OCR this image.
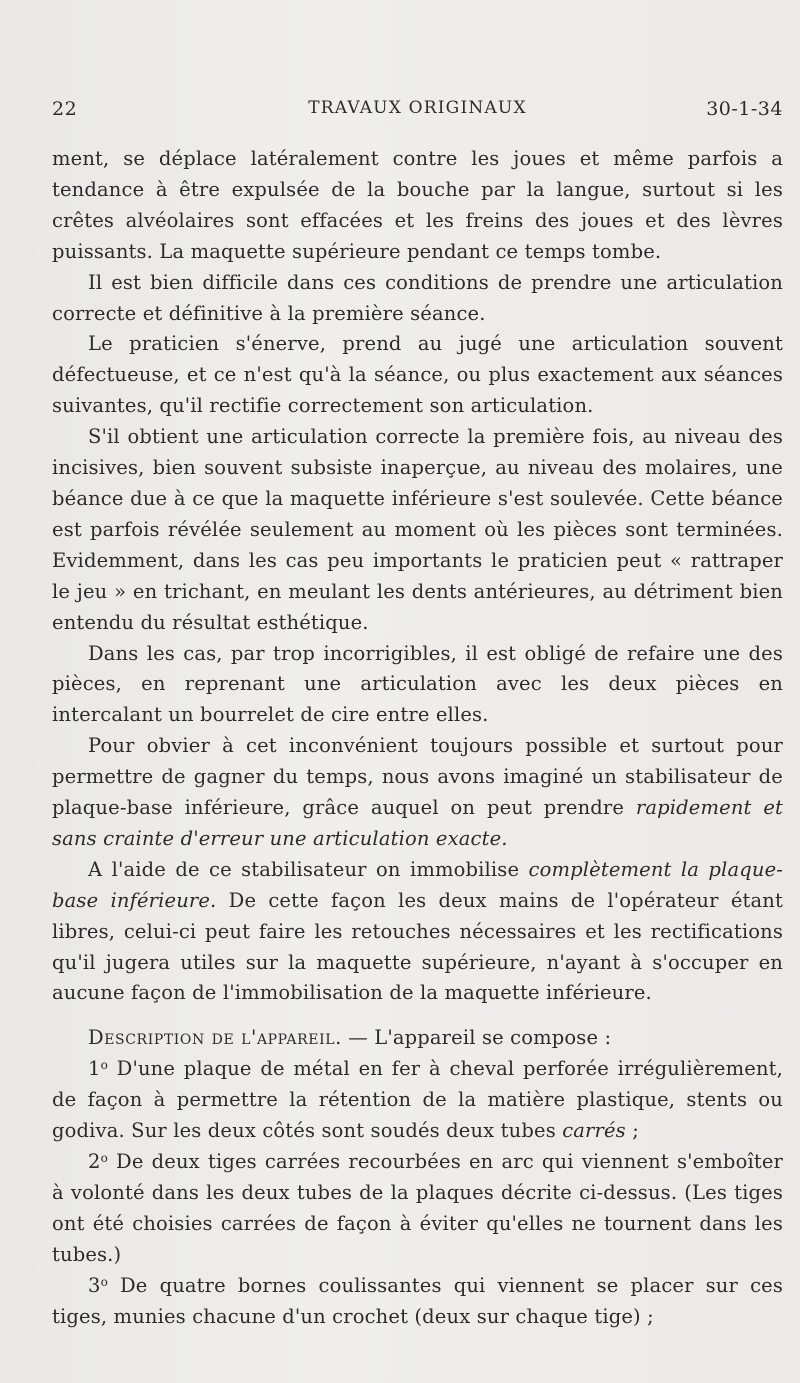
22	TRAVAUX ORIGINAUX	30-1-34

ment, se déplace latéralement contre les joues et même parfois a tendance à être expulsée de la bouche par la langue, surtout si les crêtes alvéolaires sont effacées et les freins des joues et des lèvres puissants. La maquette supérieure pendant ce temps tombe.

Il est bien difficile dans ces conditions de prendre une articulation correcte et définitive à la première séance.

Le praticien s'énerve, prend au jugé une articulation souvent défectueuse, et ce n'est qu'à la séance, ou plus exactement aux séances suivantes, qu'il rectifie correctement son articulation.

S'il obtient une articulation correcte la première fois, au niveau des incisives, bien souvent subsiste inaperçue, au niveau des molaires, une béance due à ce que la maquette inférieure s'est soulevée. Cette béance est parfois révélée seulement au moment où les pièces sont terminées. Evidemment, dans les cas peu importants le praticien peut « rattraper le jeu » en trichant, en meulant les dents antérieures, au détriment bien entendu du résultat esthétique.

Dans les cas, par trop incorrigibles, il est obligé de refaire une des pièces, en reprenant une articulation avec les deux pièces en intercalant un bourrelet de cire entre elles.

Pour obvier à cet inconvénient toujours possible et surtout pour permettre de gagner du temps, nous avons imaginé un stabilisateur de plaque-base inférieure, grâce auquel on peut prendre rapidement et sans crainte d'erreur une articulation exacte.

A l'aide de ce stabilisateur on immobilise complètement la plaque-base inférieure. De cette façon les deux mains de l'opérateur étant libres, celui-ci peut faire les retouches nécessaires et les rectifications qu'il jugera utiles sur la maquette supérieure, n'ayant à s'occuper en aucune façon de l'immobilisation de la maquette inférieure.

Description de l'appareil. — L'appareil se compose :

1$^o$ D'une plaque de métal en fer à cheval perforée irrégulièrement, de façon à permettre la rétention de la matière plastique, stents ou godiva. Sur les deux côtés sont soudés deux tubes carrés ;

2$^o$ De deux tiges carrées recourbées en arc qui viennent s'emboîter à volonté dans les deux tubes de la plaques décrite ci-dessus. (Les tiges ont été choisies carrées de façon à éviter qu'elles ne tournent dans les tubes.)

3$^o$ De quatre bornes coulissantes qui viennent se placer sur ces tiges, munies chacune d'un crochet (deux sur chaque tige) ;
